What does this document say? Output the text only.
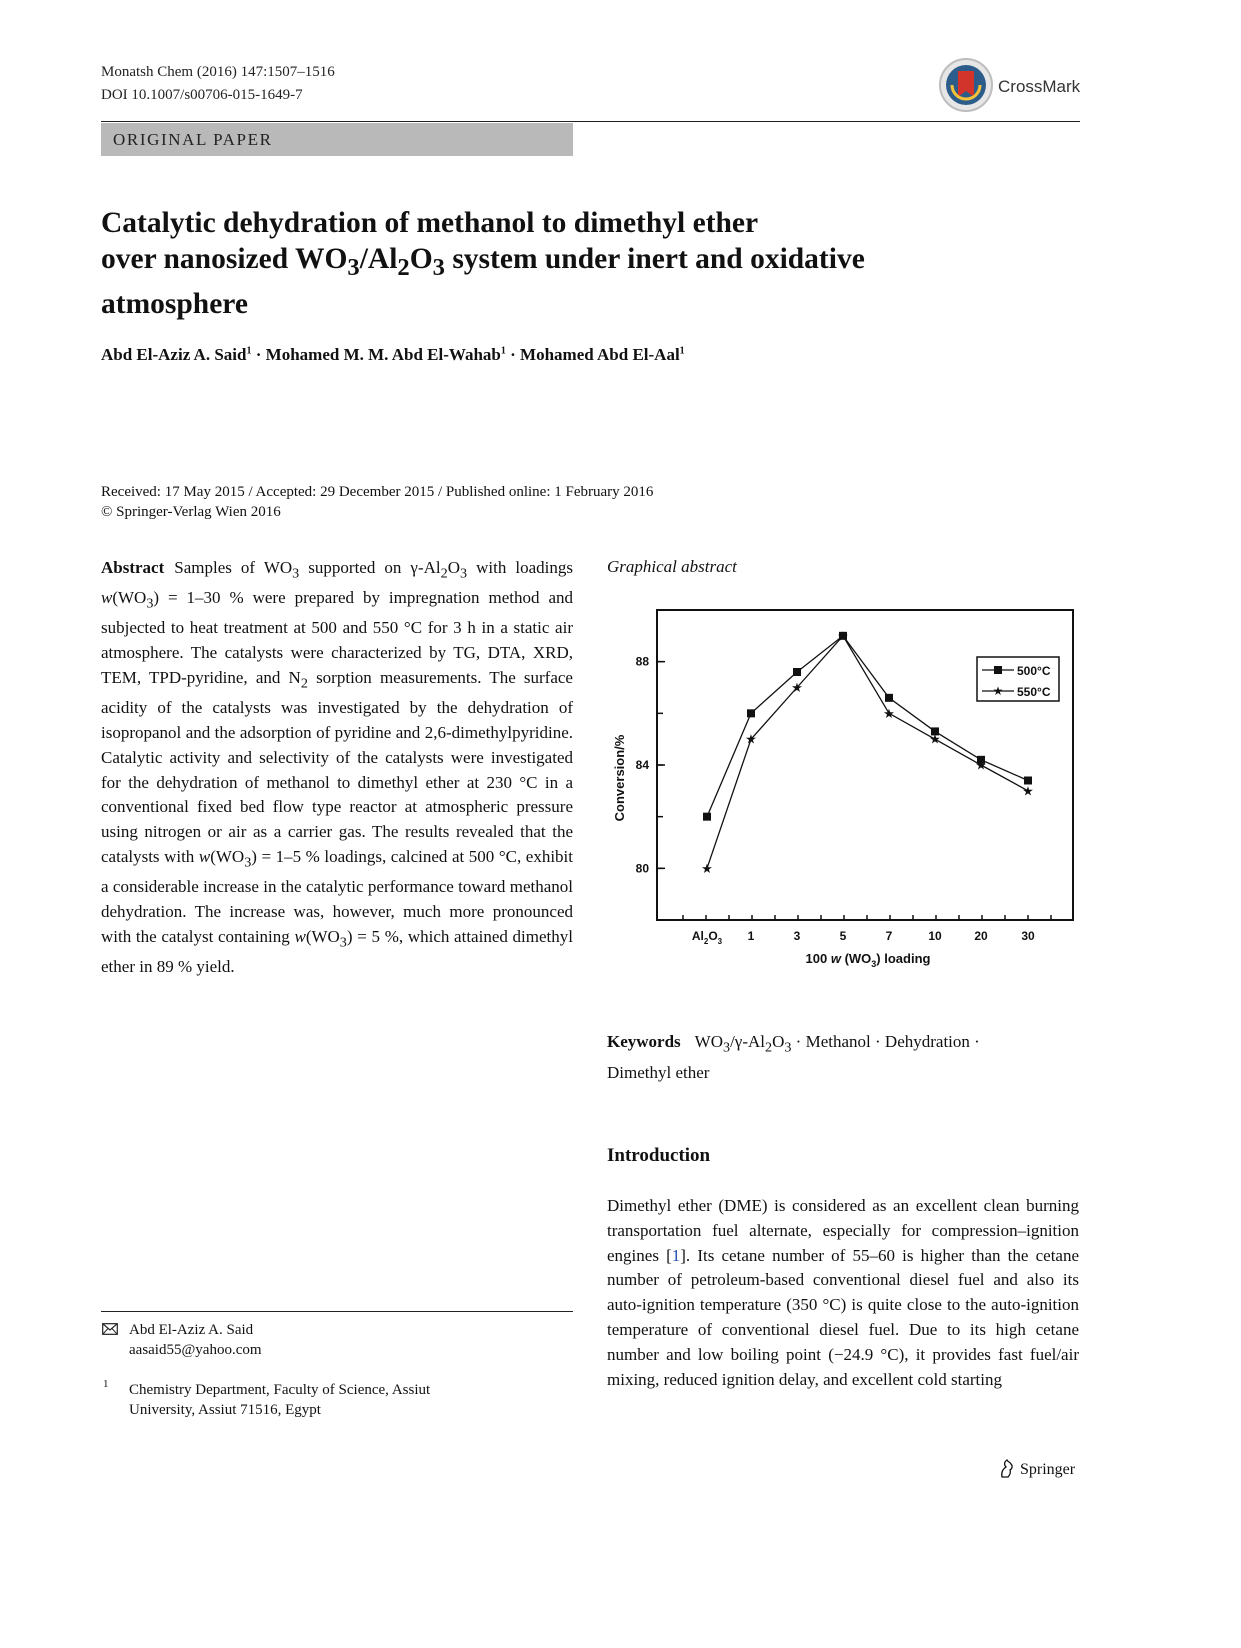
Monatsh Chem (2016) 147:1507–1516
DOI 10.1007/s00706-015-1649-7	CrossMark
ORIGINAL PAPER
Catalytic dehydration of methanol to dimethyl ether
over nanosized $WO_3/Al_2O_3$ system under inert and oxidative
atmosphere
Abd El-Aziz A. Said$^1$ · Mohamed M. M. Abd El-Wahab$^1$ · Mohamed Abd El-Aal$^1$
Received: 17 May 2015 / Accepted: 29 December 2015 / Published online: 1 February 2016
© Springer-Verlag Wien 2016
Abstract Samples of $WO_3$ supported on $\gamma-Al_2O_3$ with loadings $w(WO_3) = 1-30$ % were prepared by impregnation method and subjected to heat treatment at 500 and 550 °C for 3 h in a static air atmosphere. The catalysts were characterized by TG, DTA, XRD, TEM, TPD-pyridine, and $N_2$ sorption measurements. The surface acidity of the catalysts was investigated by the dehydration of isopropanol and the adsorption of pyridine and 2,6-dimethylpyridine. Catalytic activity and selectivity of the catalysts were investigated for the dehydration of methanol to dimethyl ether at 230 °C in a conventional fixed bed flow type reactor at atmospheric pressure using nitrogen or air as a carrier gas. The results revealed that the catalysts with $w(WO_3) = 1-5$ % loadings, calcined at 500 °C, exhibit a considerable increase in the catalytic performance toward methanol dehydration. The increase was, however, much more pronounced with the catalyst containing $w(WO_3) = 5$ %, which attained dimethyl ether in 89 % yield.
Graphical abstract
80
84
88
$Al_2O_3$ 1	3	5	7	10	20	30
★
★
★
★
★
★
★
★
Conversion/%
100 w $(WO_3)$ loading
500°C
★ 550°C
Keywords $WO_3/\gamma-Al_2O_3$ · Methanol · Dehydration ·
Dimethyl ether
Introduction
Dimethyl ether (DME) is considered as an excellent clean burning transportation fuel alternate, especially for compression–ignition engines [1]. Its cetane number of 55–60 is higher than the cetane number of petroleum-based conventional diesel fuel and also its auto-ignition temperature (350 °C) is quite close to the auto-ignition temperature of conventional diesel fuel. Due to its high cetane number and low boiling point (−24.9 °C), it provides fast fuel/air mixing, reduced ignition delay, and excellent cold starting
Abd El-Aziz A. Said
aasaid55@yahoo.com
1 Chemistry Department, Faculty of Science, Assiut
University, Assiut 71516, Egypt
Springer
